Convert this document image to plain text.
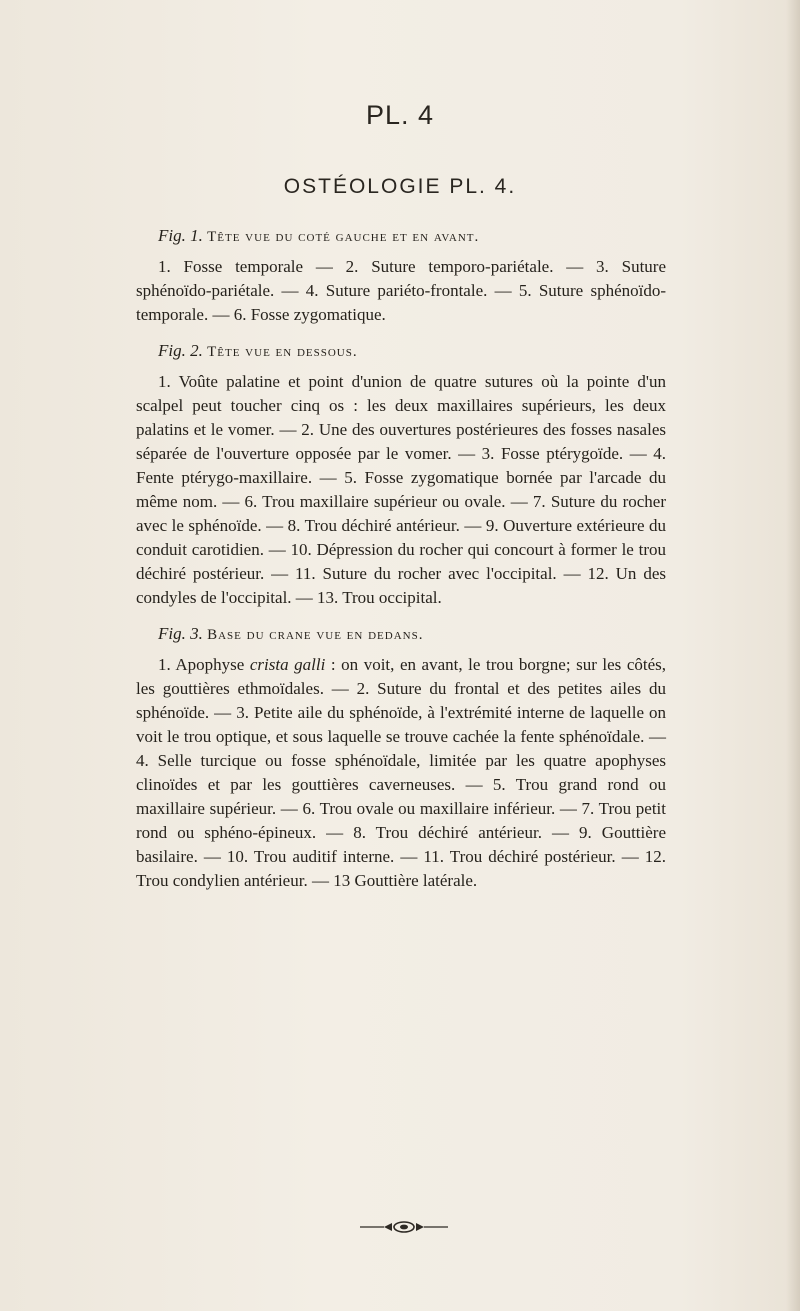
PL. 4
OSTÉOLOGIE PL. 4.
Fig. 1. Tête vue du coté gauche et en avant.

1. Fosse temporale — 2. Suture temporo-pariétale. — 3. Suture sphénoïdo-pariétale. — 4. Suture pariéto-frontale. — 5. Suture sphénoïdo-temporale. — 6. Fosse zygomatique.

Fig. 2. Tête vue en dessous.

1. Voûte palatine et point d'union de quatre sutures où la pointe d'un scalpel peut toucher cinq os : les deux maxillaires supérieurs, les deux palatins et le vomer. — 2. Une des ouvertures postérieures des fosses nasales séparée de l'ouverture opposée par le vomer. — 3. Fosse ptérygoïde. — 4. Fente ptérygo-maxillaire. — 5. Fosse zygomatique bornée par l'arcade du même nom. — 6. Trou maxillaire supérieur ou ovale. — 7. Suture du rocher avec le sphénoïde. — 8. Trou déchiré antérieur. — 9. Ouverture extérieure du conduit carotidien. — 10. Dépression du rocher qui concourt à former le trou déchiré postérieur. — 11. Suture du rocher avec l'occipital. — 12. Un des condyles de l'occipital. — 13. Trou occipital.

Fig. 3. Base du crane vue en dedans.

1. Apophyse crista galli : on voit, en avant, le trou borgne; sur les côtés, les gouttières ethmoïdales. — 2. Suture du frontal et des petites ailes du sphénoïde. — 3. Petite aile du sphénoïde, à l'extrémité interne de laquelle on voit le trou optique, et sous laquelle se trouve cachée la fente sphénoïdale. — 4. Selle turcique ou fosse sphénoïdale, limitée par les quatre apophyses clinoïdes et par les gouttières caverneuses. — 5. Trou grand rond ou maxillaire supérieur. — 6. Trou ovale ou maxillaire inférieur. — 7. Trou petit rond ou sphéno-épineux. — 8. Trou déchiré antérieur. — 9. Gouttière basilaire. — 10. Trou auditif interne. — 11. Trou déchiré postérieur. — 12. Trou condylien antérieur. — 13 Gouttière latérale.
